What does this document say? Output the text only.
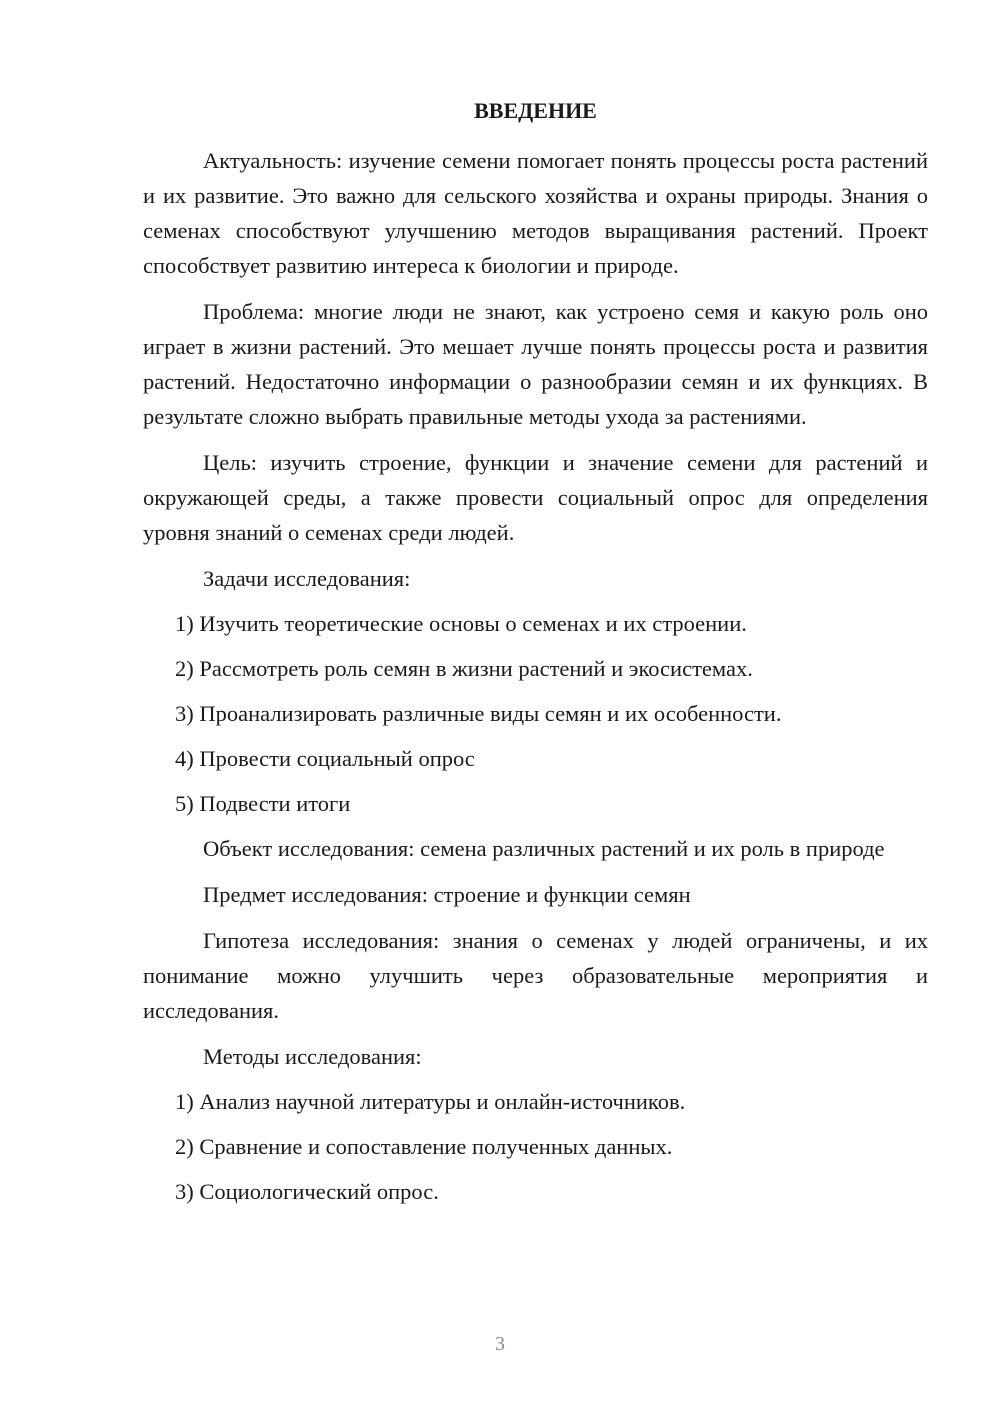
ВВЕДЕНИЕ

Актуальность: изучение семени помогает понять процессы роста растений и их развитие. Это важно для сельского хозяйства и охраны природы. Знания о семенах способствуют улучшению методов выращивания растений. Проект способствует развитию интереса к биологии и природе.

Проблема: многие люди не знают, как устроено семя и какую роль оно играет в жизни растений. Это мешает лучше понять процессы роста и развития растений. Недостаточно информации о разнообразии семян и их функциях. В результате сложно выбрать правильные методы ухода за растениями.

Цель: изучить строение, функции и значение семени для растений и окружающей среды, а также провести социальный опрос для определения уровня знаний о семенах среди людей.

Задачи исследования:

1) Изучить теоретические основы о семенах и их строении.
2) Рассмотреть роль семян в жизни растений и экосистемах.
3) Проанализировать различные виды семян и их особенности.
4) Провести социальный опрос
5) Подвести итоги

Объект исследования: семена различных растений и их роль в природе

Предмет исследования: строение и функции семян

Гипотеза исследования: знания о семенах у людей ограничены, и их понимание можно улучшить через образовательные мероприятия и исследования.

Методы исследования:

1) Анализ научной литературы и онлайн-источников.
2) Сравнение и сопоставление полученных данных.
3) Социологический опрос.
3
